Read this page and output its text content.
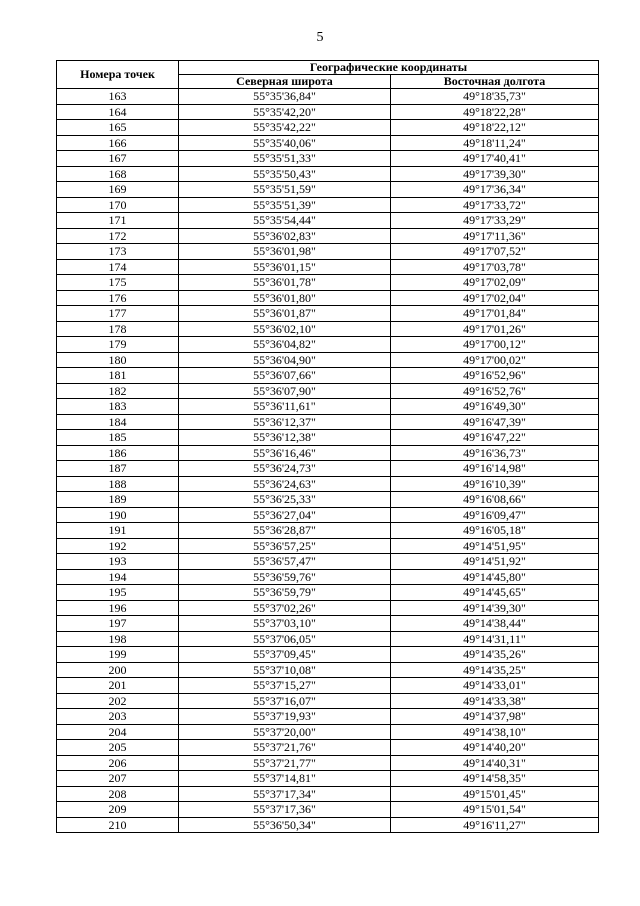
5
Номера точек	Географические координаты	
	Северная широта	Восточная долгота
163	55°35'36,84"	49°18'35,73"
164	55°35'42,20"	49°18'22,28"
165	55°35'42,22"	49°18'22,12"
166	55°35'40,06"	49°18'11,24"
167	55°35'51,33"	49°17'40,41"
168	55°35'50,43"	49°17'39,30"
169	55°35'51,59"	49°17'36,34"
170	55°35'51,39"	49°17'33,72"
171	55°35'54,44"	49°17'33,29"
172	55°36'02,83"	49°17'11,36"
173	55°36'01,98"	49°17'07,52"
174	55°36'01,15"	49°17'03,78"
175	55°36'01,78"	49°17'02,09"
176	55°36'01,80"	49°17'02,04"
177	55°36'01,87"	49°17'01,84"
178	55°36'02,10"	49°17'01,26"
179	55°36'04,82"	49°17'00,12"
180	55°36'04,90"	49°17'00,02"
181	55°36'07,66"	49°16'52,96"
182	55°36'07,90"	49°16'52,76"
183	55°36'11,61"	49°16'49,30"
184	55°36'12,37"	49°16'47,39"
185	55°36'12,38"	49°16'47,22"
186	55°36'16,46"	49°16'36,73"
187	55°36'24,73"	49°16'14,98"
188	55°36'24,63"	49°16'10,39"
189	55°36'25,33"	49°16'08,66"
190	55°36'27,04"	49°16'09,47"
191	55°36'28,87"	49°16'05,18"
192	55°36'57,25"	49°14'51,95"
193	55°36'57,47"	49°14'51,92"
194	55°36'59,76"	49°14'45,80"
195	55°36'59,79"	49°14'45,65"
196	55°37'02,26"	49°14'39,30"
197	55°37'03,10"	49°14'38,44"
198	55°37'06,05"	49°14'31,11"
199	55°37'09,45"	49°14'35,26"
200	55°37'10,08"	49°14'35,25"
201	55°37'15,27"	49°14'33,01"
202	55°37'16,07"	49°14'33,38"
203	55°37'19,93"	49°14'37,98"
204	55°37'20,00"	49°14'38,10"
205	55°37'21,76"	49°14'40,20"
206	55°37'21,77"	49°14'40,31"
207	55°37'14,81"	49°14'58,35"
208	55°37'17,34"	49°15'01,45"
209	55°37'17,36"	49°15'01,54"
210	55°36'50,34"	49°16'11,27"
